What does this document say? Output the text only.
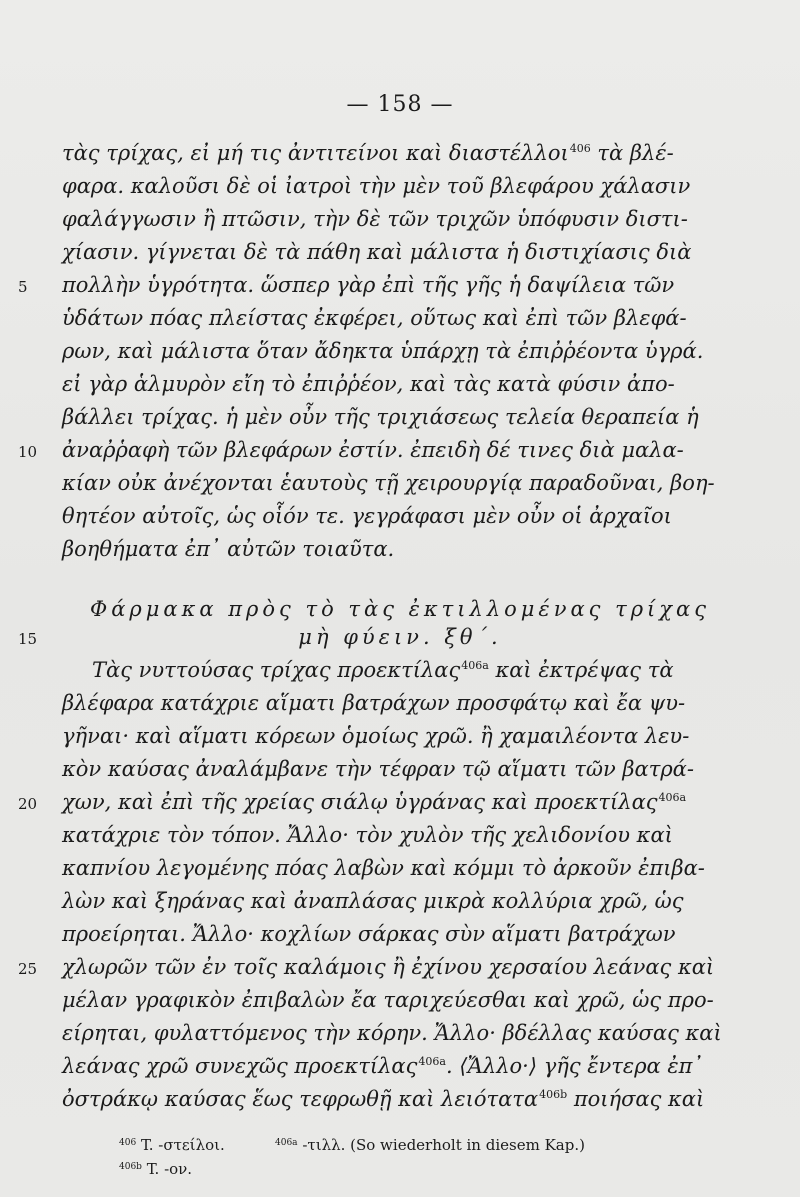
— 158 —
τὰς τρίχας, εἰ μή τις ἀντιτείνοι καὶ διαστέλλοι$^{406}$ τὰ βλέ-
φαρα. καλοῦσι δὲ οἱ ἰατροὶ τὴν μὲν τοῦ βλεφάρου χάλασιν
φαλάγγωσιν ἢ πτῶσιν, τὴν δὲ τῶν τριχῶν ὑπόφυσιν διστι-
χίασιν. γίγνεται δὲ τὰ πάθη καὶ μάλιστα ἡ διστιχίασις διὰ
5	πολλὴν ὑγρότητα. ὥσπερ γὰρ ἐπὶ τῆς γῆς ἡ δαψίλεια τῶν
ὑδάτων πόας πλείστας ἐκφέρει, οὕτως καὶ ἐπὶ τῶν βλεφά-
ρων, καὶ μάλιστα ὅταν ἄδηκτα ὑπάρχῃ τὰ ἐπιῤῥέοντα ὑγρά.
εἰ γὰρ ἁλμυρὸν εἴη τὸ ἐπιῤῥέον, καὶ τὰς κατὰ φύσιν ἀπο-
βάλλει τρίχας. ἡ μὲν οὖν τῆς τριχιάσεως τελεία θεραπεία ἡ
10	ἀναῤῥαφὴ τῶν βλεφάρων ἐστίν. ἐπειδὴ δέ τινες διὰ μαλα-
κίαν οὐκ ἀνέχονται ἑαυτοὺς τῇ χειρουργίᾳ παραδοῦναι, βοη-
θητέον αὐτοῖς, ὡς οἷόν τε. γεγράφασι μὲν οὖν οἱ ἀρχαῖοι
βοηθήματα ἐπ᾿ αὐτῶν τοιαῦτα.
Φάρμακα πρὸς τὸ τὰς ἐκτιλλομένας τρίχας
15	μὴ φύειν. ξθ΄.
Τὰς νυττούσας τρίχας προεκτίλας$^{406a}$ καὶ ἐκτρέψας τὰ
βλέφαρα κατάχριε αἵματι βατράχων προσφάτῳ καὶ ἔα ψυ-
γῆναι· καὶ αἵματι κόρεων ὁμοίως χρῶ. ἢ χαμαιλέοντα λευ-
κὸν καύσας ἀναλάμβανε τὴν τέφραν τῷ αἵματι τῶν βατρά-
20	χων, καὶ ἐπὶ τῆς χρείας σιάλῳ ὑγράνας καὶ προεκτίλας$^{406a}$
κατάχριε τὸν τόπον. Ἄλλο· τὸν χυλὸν τῆς χελιδονίου καὶ
καπνίου λεγομένης πόας λαβὼν καὶ κόμμι τὸ ἀρκοῦν ἐπιβα-
λὼν καὶ ξηράνας καὶ ἀναπλάσας μικρὰ κολλύρια χρῶ, ὡς
προείρηται. Ἄλλο· κοχλίων σάρκας σὺν αἵματι βατράχων
25	χλωρῶν τῶν ἐν τοῖς καλάμοις ἢ ἐχίνου χερσαίου λεάνας καὶ
μέλαν γραφικὸν ἐπιβαλὼν ἔα ταριχεύεσθαι καὶ χρῶ, ὡς προ-
είρηται, φυλαττόμενος τὴν κόρην. Ἄλλο· βδέλλας καύσας καὶ
λεάνας χρῶ συνεχῶς προεκτίλας$^{406a}$. ⟨Ἄλλο·⟩ γῆς ἔντερα ἐπ᾿
ὀστράκῳ καύσας ἕως τεφρωθῇ καὶ λειότατα$^{406b}$ ποιήσας καὶ
$^{406}$ T. -στείλοι.	$^{406a}$ -τιλλ. (So wiederholt in diesem Kap.)
$^{406b}$ T. -ον.
